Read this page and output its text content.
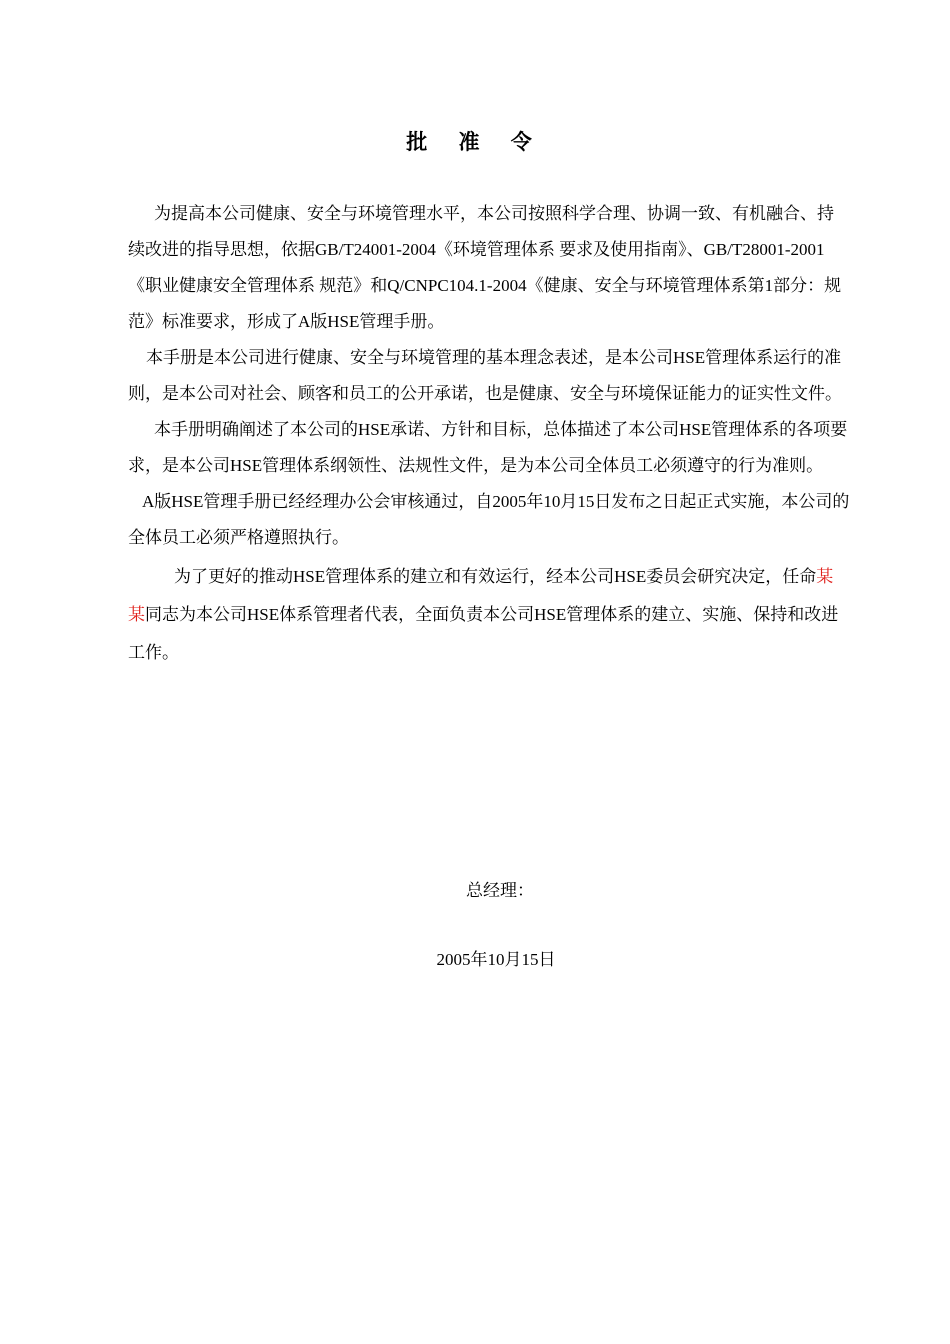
批 准 令

为提高本公司健康、安全与环境管理水平，本公司按照科学合理、协调一致、有机融合、持续改进的指导思想，依据GB/T24001-2004《环境管理体系 要求及使用指南》、GB/T28001-2001《职业健康安全管理体系 规范》和Q/CNPC104.1-2004《健康、安全与环境管理体系第1部分：规范》标准要求，形成了A版HSE管理手册。

本手册是本公司进行健康、安全与环境管理的基本理念表述，是本公司HSE管理体系运行的准则，是本公司对社会、顾客和员工的公开承诺，也是健康、安全与环境保证能力的证实性文件。

本手册明确阐述了本公司的HSE承诺、方针和目标，总体描述了本公司HSE管理体系的各项要求，是本公司HSE管理体系纲领性、法规性文件，是为本公司全体员工必须遵守的行为准则。

A版HSE管理手册已经经理办公会审核通过，自2005年10月15日发布之日起正式实施，本公司的全体员工必须严格遵照执行。

为了更好的推动HSE管理体系的建立和有效运行，经本公司HSE委员会研究决定，任命某某同志为本公司HSE体系管理者代表，全面负责本公司HSE管理体系的建立、实施、保持和改进工作。

总经理：
2005年10月15日
